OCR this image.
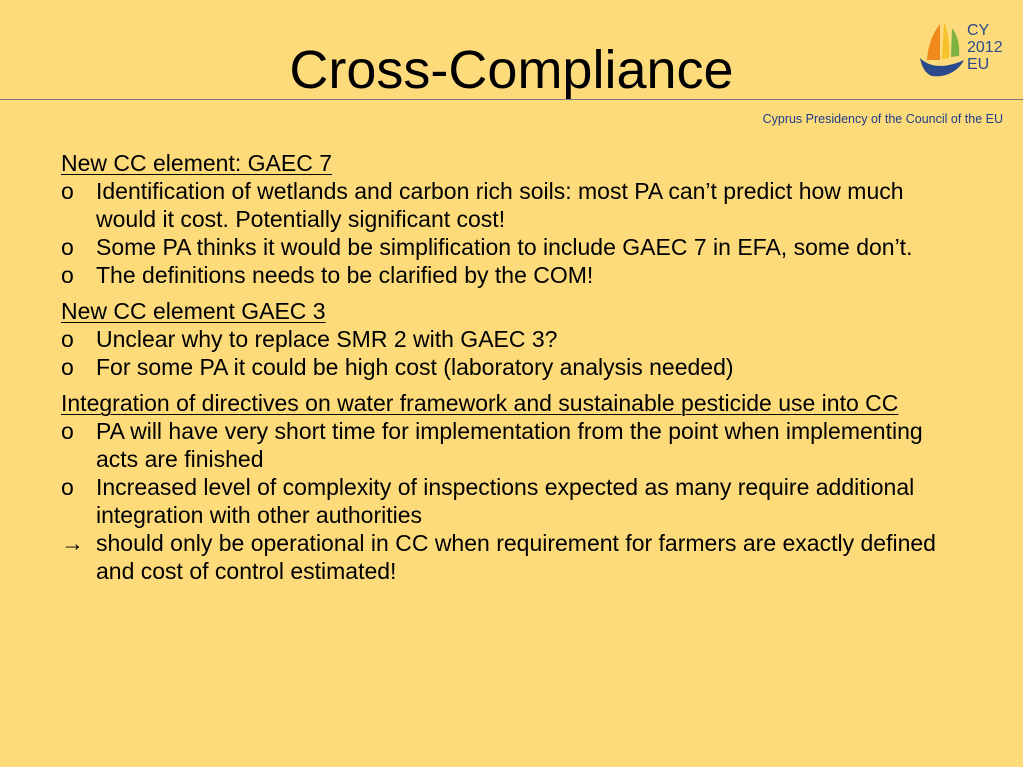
Cross-Compliance
CY
2012
EU
Cyprus Presidency of the Council of the EU
New CC element: GAEC 7
o Identification of wetlands and carbon rich soils: most PA can’t predict how much would it cost. Potentially significant cost!
o Some PA thinks it would be simplification to include GAEC 7 in EFA, some don’t.
o The definitions needs to be clarified by the COM!
New CC element GAEC 3
o Unclear why to replace SMR 2 with GAEC 3?
o For some PA it could be high cost (laboratory analysis needed)
Integration of directives on water framework and sustainable pesticide use into CC
o PA will have very short time for implementation from the point when implementing acts are finished
o Increased level of complexity of inspections expected as many require additional integration with other authorities
→ should only be operational in CC when requirement for farmers are exactly defined and cost of control estimated!
